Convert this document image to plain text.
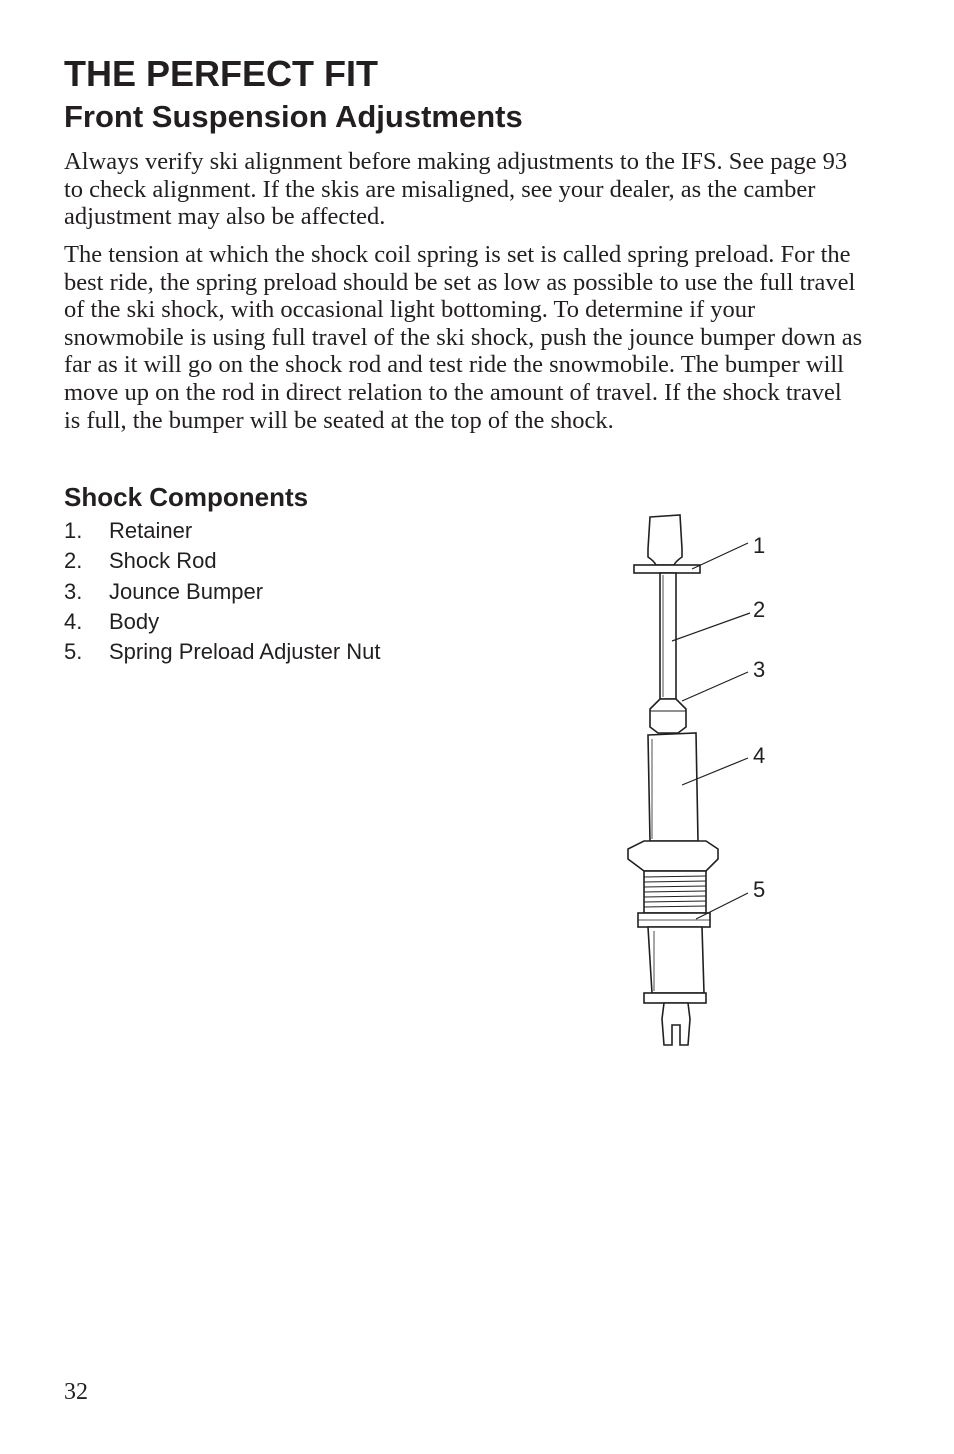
THE PERFECT FIT
Front Suspension Adjustments

Always verify ski alignment before making adjustments to the IFS. See page 93 to check alignment. If the skis are misaligned, see your dealer, as the camber adjustment may also be affected.

The tension at which the shock coil spring is set is called spring preload. For the best ride, the spring preload should be set as low as possible to use the full travel of the ski shock, with occasional light bottoming. To determine if your snowmobile is using full travel of the ski shock, push the jounce bumper down as far as it will go on the shock rod and test ride the snowmobile. The bumper will move up on the rod in direct relation to the amount of travel. If the shock travel is full, the bumper will be seated at the top of the shock.

Shock Components
1.	Retainer
2.	Shock Rod
3.	Jounce Bumper
4.	Body
5.	Spring Preload Adjuster Nut
1
2
3
4
5

32
